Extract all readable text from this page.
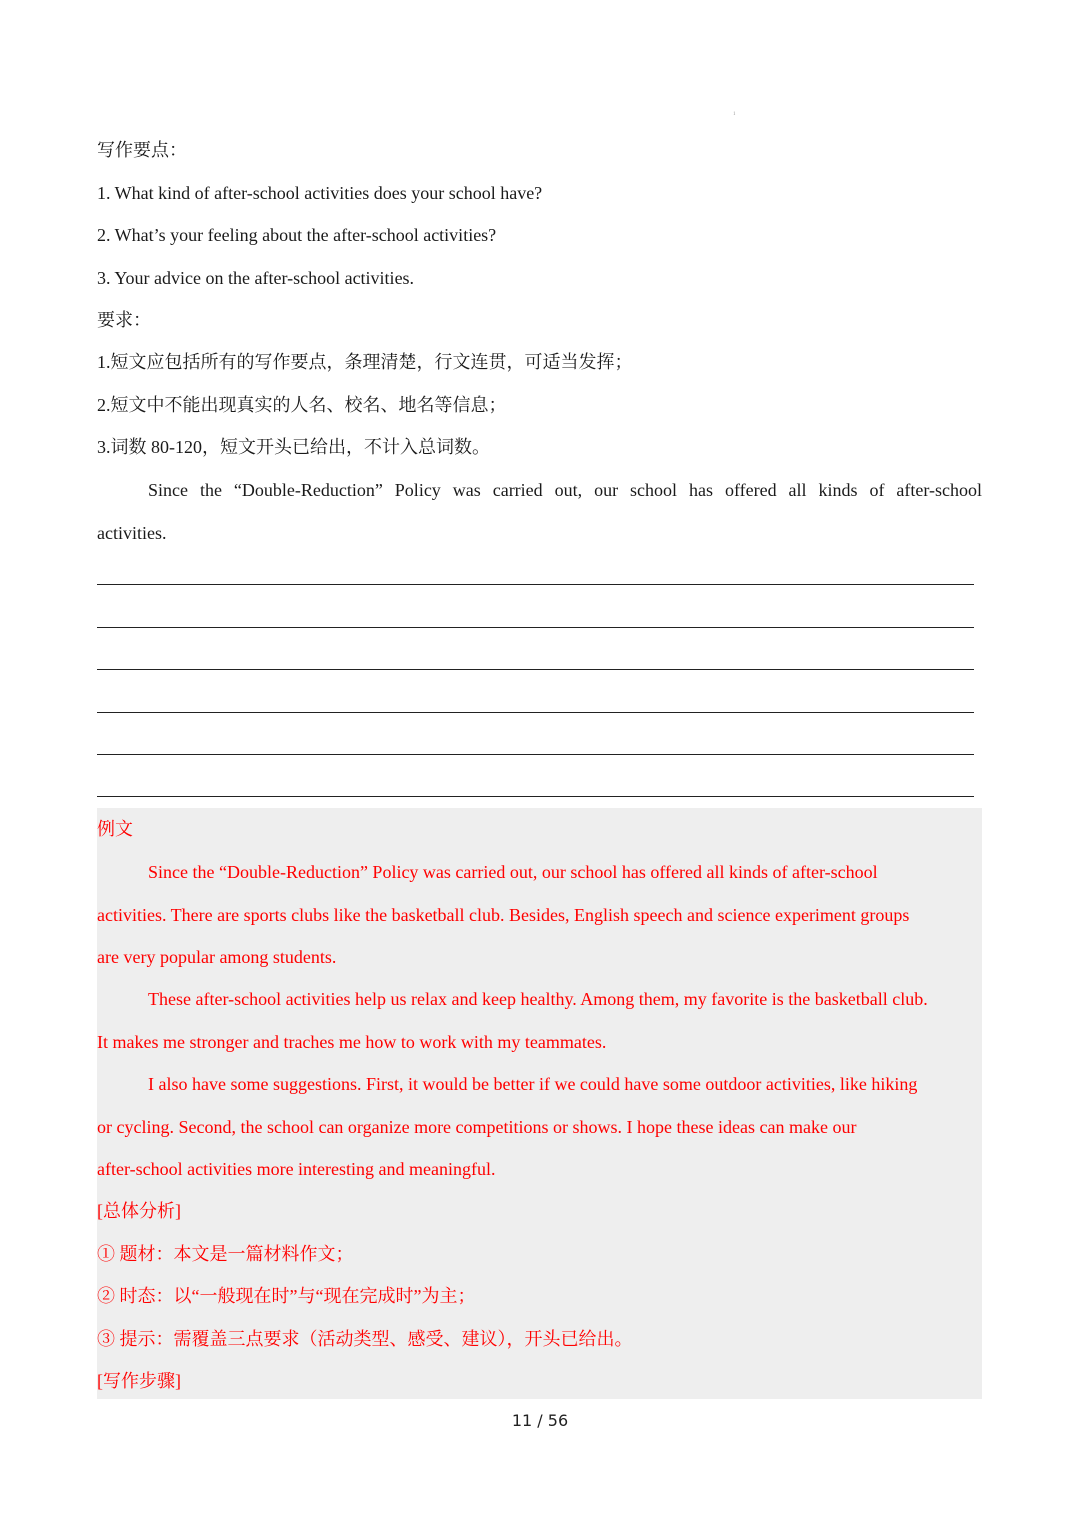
1
写作要点：
1. What kind of after-school activities does your school have?
2. What’s your feeling about the after-school activities?
3. Your advice on the after-school activities.
要求：
1.短文应包括所有的写作要点，条理清楚，行文连贯，可适当发挥；
2.短文中不能出现真实的人名、校名、地名等信息；
3.词数 80-120，短文开头已给出，不计入总词数。
Since the “Double-Reduction” Policy was carried out, our school has offered all kinds of after-school
activities.
例文
Since the “Double-Reduction” Policy was carried out, our school has offered all kinds of after-school
activities. There are sports clubs like the basketball club. Besides, English speech and science experiment groups
are very popular among students.
These after-school activities help us relax and keep healthy. Among them, my favorite is the basketball club.
It makes me stronger and traches me how to work with my teammates.
I also have some suggestions. First, it would be better if we could have some outdoor activities, like hiking
or cycling. Second, the school can organize more competitions or shows. I hope these ideas can make our
after-school activities more interesting and meaningful.
[总体分析]
① 题材：本文是一篇材料作文；
② 时态：以“一般现在时”与“现在完成时”为主；
③ 提示：需覆盖三点要求（活动类型、感受、建议），开头已给出。
[写作步骤]
11 / 56
